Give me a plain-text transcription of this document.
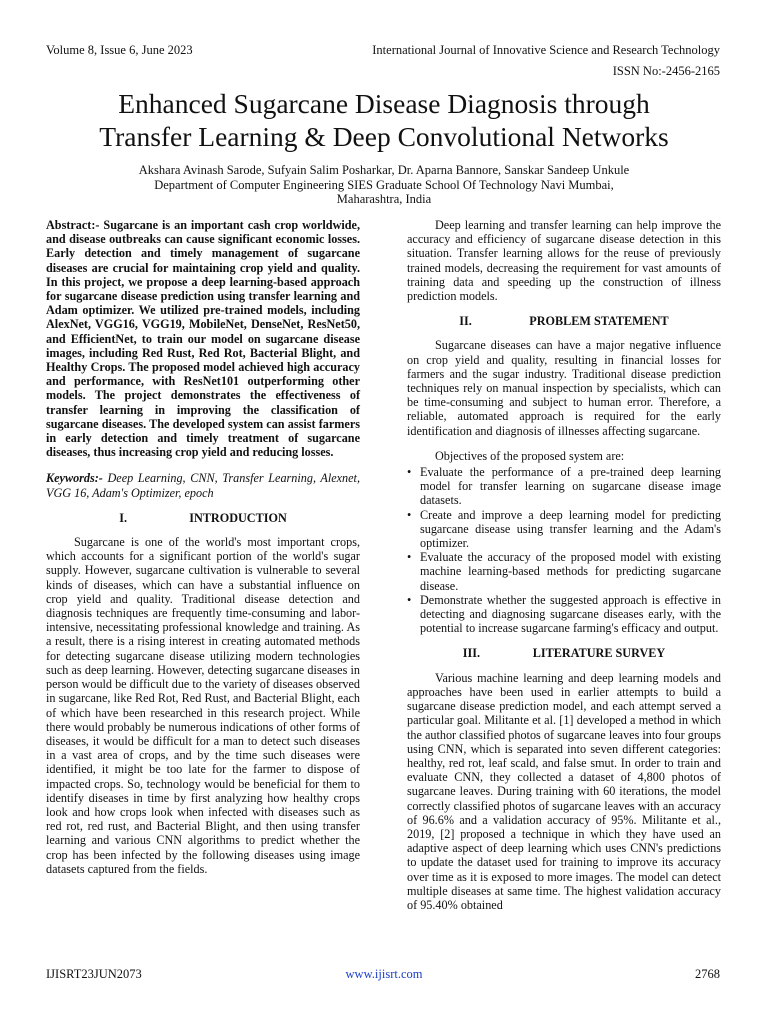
Volume 8, Issue 6, June 2023	International Journal of Innovative Science and Research Technology
ISSN No:-2456-2165
Enhanced Sugarcane Disease Diagnosis through
Transfer Learning & Deep Convolutional Networks
Akshara Avinash Sarode, Sufyain Salim Posharkar, Dr. Aparna Bannore, Sanskar Sandeep Unkule
Department of Computer Engineering SIES Graduate School Of Technology Navi Mumbai,
Maharashtra, India

Abstract:- Sugarcane is an important cash crop worldwide, and disease outbreaks can cause significant economic losses. Early detection and timely management of sugarcane diseases are crucial for maintaining crop yield and quality. In this project, we propose a deep learning-based approach for sugarcane disease prediction using transfer learning and Adam optimizer. We utilized pre-trained models, including AlexNet, VGG16, VGG19, MobileNet, DenseNet, ResNet50, and EfficientNet, to train our model on sugarcane disease images, including Red Rust, Red Rot, Bacterial Blight, and Healthy Crops. The proposed model achieved high accuracy and performance, with ResNet101 outperforming other models. The project demonstrates the effectiveness of transfer learning in improving the classification of sugarcane diseases. The developed system can assist farmers in early detection and timely treatment of sugarcane diseases, thus increasing crop yield and reducing losses.

Keywords:- Deep Learning, CNN, Transfer Learning, Alexnet, VGG 16, Adam's Optimizer, epoch

I.	INTRODUCTION

Sugarcane is one of the world's most important crops, which accounts for a significant portion of the world's sugar supply. However, sugarcane cultivation is vulnerable to several kinds of diseases, which can have a substantial influence on crop yield and quality. Traditional disease detection and diagnosis techniques are frequently time-consuming and labor-intensive, necessitating professional knowledge and training. As a result, there is a rising interest in creating automated methods for detecting sugarcane disease utilizing modern technologies such as deep learning. However, detecting sugarcane diseases in person would be difficult due to the variety of diseases observed in sugarcane, like Red Rot, Red Rust, and Bacterial Blight, each of which have been researched in this research project. While there would probably be numerous indications of other forms of diseases, it would be difficult for a man to detect such diseases in a vast area of crops, and by the time such diseases were identified, it might be too late for the farmer to dispose of impacted crops. So, technology would be beneficial for them to identify diseases in time by first analyzing how healthy crops look and how crops look when infected with diseases such as red rot, red rust, and Bacterial Blight, and then using transfer learning and various CNN algorithms to predict whether the crop has been infected by the following diseases using image datasets captured from the fields.

Deep learning and transfer learning can help improve the accuracy and efficiency of sugarcane disease detection in this situation. Transfer learning allows for the reuse of previously trained models, decreasing the requirement for vast amounts of training data and speeding up the construction of illness prediction models.

II.	PROBLEM STATEMENT

Sugarcane diseases can have a major negative influence on crop yield and quality, resulting in financial losses for farmers and the sugar industry. Traditional disease prediction techniques rely on manual inspection by specialists, which can be time-consuming and subject to human error. Therefore, a reliable, automated approach is required for the early identification and diagnosis of illnesses affecting sugarcane.

Objectives of the proposed system are:

• Evaluate the performance of a pre-trained deep learning model for transfer learning on sugarcane disease image datasets.
• Create and improve a deep learning model for predicting sugarcane disease using transfer learning and the Adam's optimizer.
• Evaluate the accuracy of the proposed model with existing machine learning-based methods for predicting sugarcane disease.
• Demonstrate whether the suggested approach is effective in detecting and diagnosing sugarcane diseases early, with the potential to increase sugarcane farming's efficacy and output.
III.	LITERATURE SURVEY

Various machine learning and deep learning models and approaches have been used in earlier attempts to build a sugarcane disease prediction model, and each attempt served a particular goal. Militante et al. [1] developed a method in which the author classified photos of sugarcane leaves into four groups using CNN, which is separated into seven different categories: healthy, red rot, leaf scald, and false smut. In order to train and evaluate CNN, they collected a dataset of 4,800 photos of sugarcane leaves. During training with 60 iterations, the model correctly classified photos of sugarcane leaves with an accuracy of 96.6% and a validation accuracy of 95%. Militante et al., 2019, [2] proposed a technique in which they have used an adaptive aspect of deep learning which uses CNN's predictions to update the dataset used for training to improve its accuracy over time as it is exposed to more images. The model can detect multiple diseases at same time. The highest validation accuracy of 95.40% obtained

IJISRT23JUN2073	www.ijisrt.com	2768
